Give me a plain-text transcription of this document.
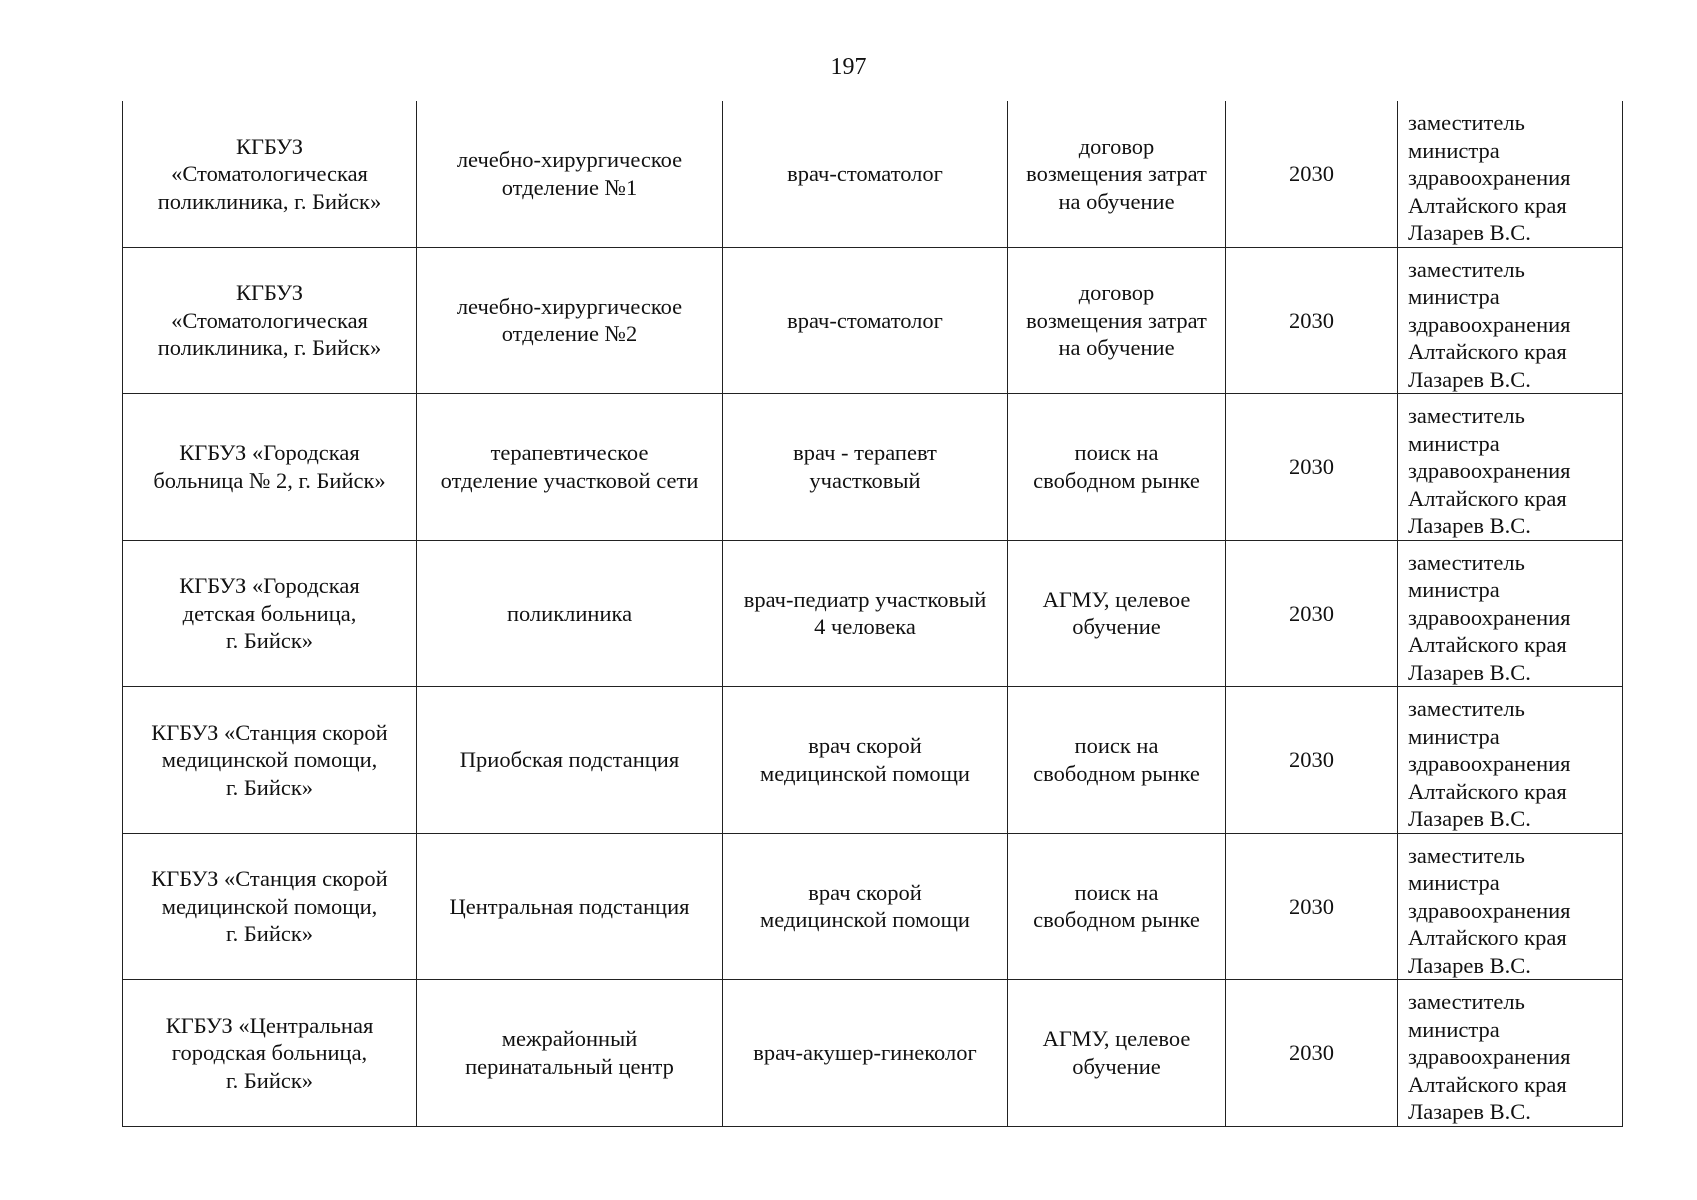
197
КГБУЗ
«Стоматологическая
поликлиника, г. Бийск»	лечебно-хирургическое
отделение №1	врач-стоматолог	договор
возмещения затрат
на обучение	2030	заместитель
министра
здравоохранения
Алтайского края
Лазарев В.С.
КГБУЗ
«Стоматологическая
поликлиника, г. Бийск»	лечебно-хирургическое
отделение №2	врач-стоматолог	договор
возмещения затрат
на обучение	2030	заместитель
министра
здравоохранения
Алтайского края
Лазарев В.С.
КГБУЗ «Городская
больница № 2, г. Бийск»	терапевтическое
отделение участковой сети	врач - терапевт
участковый	поиск на
свободном рынке	2030	заместитель
министра
здравоохранения
Алтайского края
Лазарев В.С.
КГБУЗ «Городская
детская больница,
г. Бийск»	поликлиника	врач-педиатр участковый
4 человека	АГМУ, целевое
обучение	2030	заместитель
министра
здравоохранения
Алтайского края
Лазарев В.С.
КГБУЗ «Станция скорой
медицинской помощи,
г. Бийск»	Приобская подстанция	врач скорой
медицинской помощи	поиск на
свободном рынке	2030	заместитель
министра
здравоохранения
Алтайского края
Лазарев В.С.
КГБУЗ «Станция скорой
медицинской помощи,
г. Бийск»	Центральная подстанция	врач скорой
медицинской помощи	поиск на
свободном рынке	2030	заместитель
министра
здравоохранения
Алтайского края
Лазарев В.С.
КГБУЗ «Центральная
городская больница,
г. Бийск»	межрайонный
перинатальный центр	врач-акушер-гинеколог	АГМУ, целевое
обучение	2030	заместитель
министра
здравоохранения
Алтайского края
Лазарев В.С.
